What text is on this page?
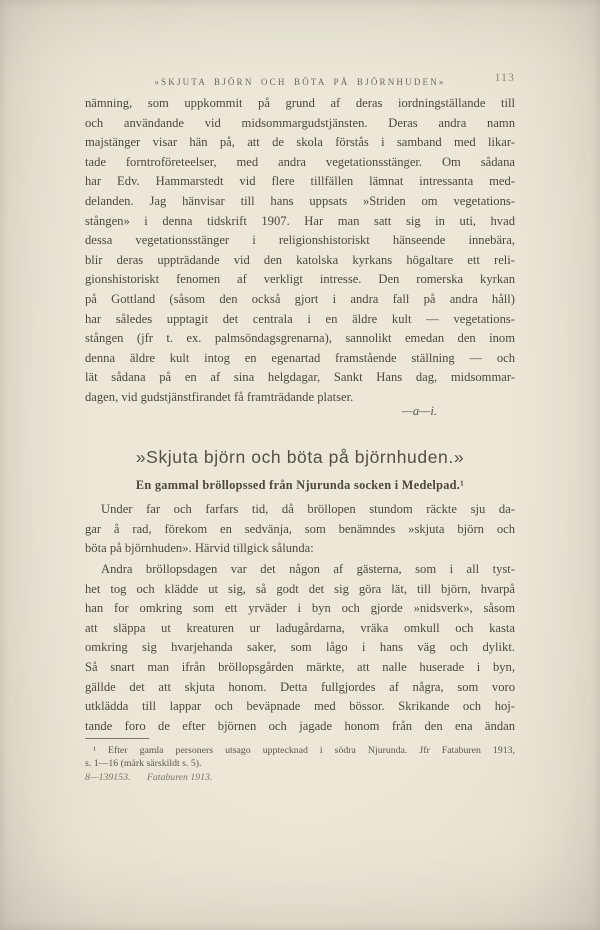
»SKJUTA BJÖRN OCH BÖTA PÅ BJÖRNHUDEN»	113
nämning, som uppkommit på grund af deras iordningställande till
och användande vid midsommargudstjänsten. Deras andra namn
majstänger visar hän på, att de skola förstås i samband med likar-
tade forntroföreteelser, med andra vegetationsstänger. Om sådana
har Edv. Hammarstedt vid flere tillfällen lämnat intressanta med-
delanden. Jag hänvisar till hans uppsats »Striden om vegetations-
stången» i denna tidskrift 1907. Har man satt sig in uti, hvad
dessa vegetationsstänger i religionshistoriskt hänseende innebära,
blir deras uppträdande vid den katolska kyrkans högaltare ett reli-
gionshistoriskt fenomen af verkligt intresse. Den romerska kyrkan
på Gottland (såsom den också gjort i andra fall på andra håll)
har således upptagit det centrala i en äldre kult — vegetations-
stången (jfr t. ex. palmsöndagsgrenarna), sannolikt emedan den inom
denna äldre kult intog en egenartad framstående ställning — och
lät sådana på en af sina helgdagar, Sankt Hans dag, midsommar-
dagen, vid gudstjänstfirandet få framträdande platser.
—a—i.
»Skjuta björn och böta på björnhuden.»
En gammal bröllopssed från Njurunda socken i Medelpad.¹
Under far och farfars tid, då bröllopen stundom räckte sju da-
gar å rad, förekom en sedvänja, som benämndes »skjuta björn och
böta på björnhuden». Härvid tillgick sålunda:
Andra bröllopsdagen var det någon af gästerna, som i all tyst-
het tog och klädde ut sig, så godt det sig göra lät, till björn, hvarpå
han for omkring som ett yrväder i byn och gjorde »nidsverk», såsom
att släppa ut kreaturen ur ladugårdarna, vräka omkull och kasta
omkring sig hvarjehanda saker, som lågo i hans väg och dylikt.
Så snart man ifrån bröllopsgården märkte, att nalle huserade i byn,
gällde det att skjuta honom. Detta fullgjordes af några, som voro
utklädda till lappar och beväpnade med bössor. Skrikande och hoj-
tande foro de efter björnen och jagade honom från den ena ändan
¹ Efter gamla personers utsago upptecknad i södra Njurunda. Jfr Fataburen 1913,
s. 1—16 (märk särskildt s. 5).
8—139153. Fataburen 1913.
